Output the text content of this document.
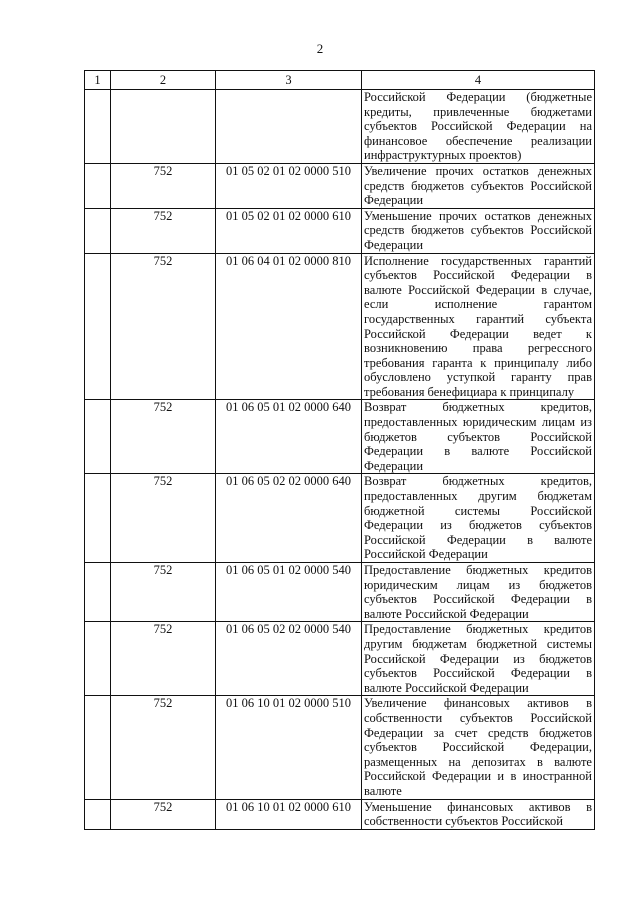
2
1	2	3	4
			Российской Федерации (бюджетные кредиты, привлеченные бюджетами субъектов Российской Федерации на финансовое обеспечение реализации инфраструктурных проектов)
	752	01 05 02 01 02 0000 510	Увеличение прочих остатков денежных средств бюджетов субъектов Российской Федерации
	752	01 05 02 01 02 0000 610	Уменьшение прочих остатков денежных средств бюджетов субъектов Российской Федерации
	752	01 06 04 01 02 0000 810	Исполнение государственных гарантий субъектов Российской Федерации в валюте Российской Федерации в случае, если исполнение гарантом государственных гарантий субъекта Российской Федерации ведет к возникновению права регрессного требования гаранта к принципалу либо обусловлено уступкой гаранту прав требования бенефициара к принципалу
	752	01 06 05 01 02 0000 640	Возврат бюджетных кредитов, предоставленных юридическим лицам из бюджетов субъектов Российской Федерации в валюте Российской Федерации
	752	01 06 05 02 02 0000 640	Возврат бюджетных кредитов, предоставленных другим бюджетам бюджетной системы Российской Федерации из бюджетов субъектов Российской Федерации в валюте Российской Федерации
	752	01 06 05 01 02 0000 540	Предоставление бюджетных кредитов юридическим лицам из бюджетов субъектов Российской Федерации в валюте Российской Федерации
	752	01 06 05 02 02 0000 540	Предоставление бюджетных кредитов другим бюджетам бюджетной системы Российской Федерации из бюджетов субъектов Российской Федерации в валюте Российской Федерации
	752	01 06 10 01 02 0000 510	Увеличение финансовых активов в собственности субъектов Российской Федерации за счет средств бюджетов субъектов Российской Федерации, размещенных на депозитах в валюте Российской Федерации и в иностранной валюте
	752	01 06 10 01 02 0000 610	Уменьшение финансовых активов в собственности субъектов Российской
